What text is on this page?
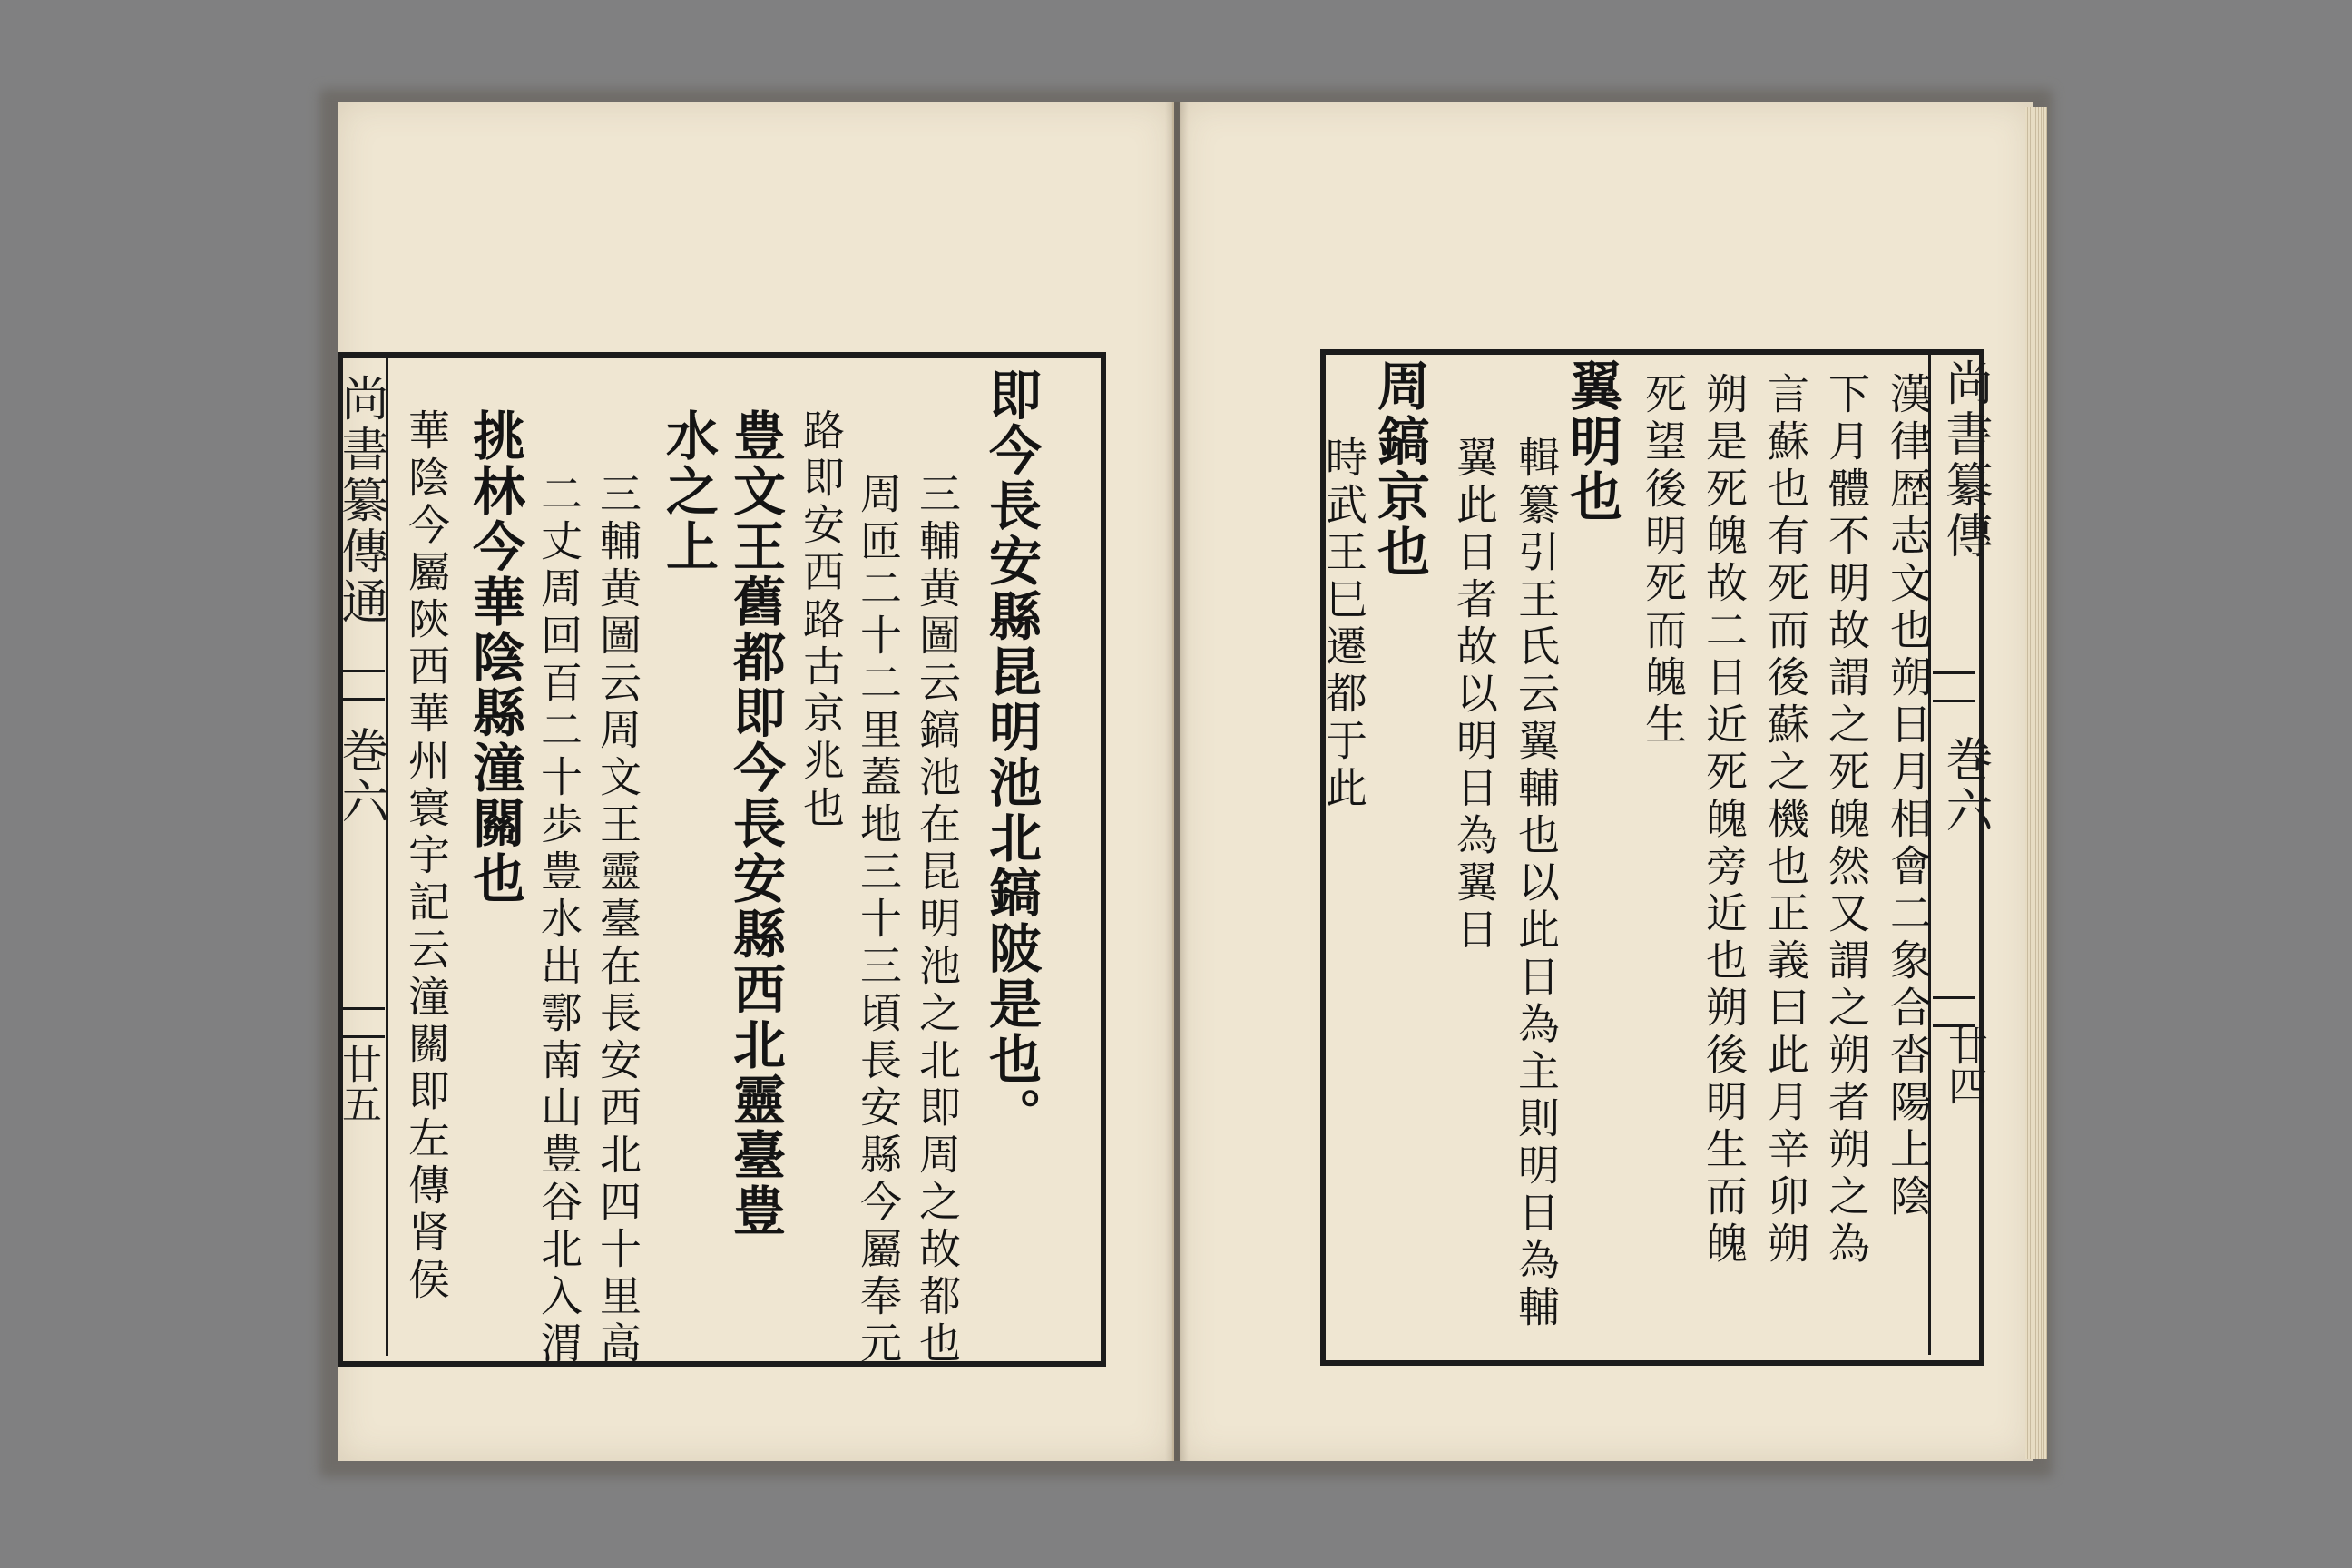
尚書纂傳通
巻六
廿五	即今長安縣昆明池北鎬陂是也。
三輔黄圖云鎬池在昆明池之北即周之故都也
周匝二十二里蓋地三十三頃長安縣今屬奉元
路即安西路古京兆也
豊文王舊都即今長安縣西北靈臺豊
水之上
三輔黄圖云周文王靈臺在長安西北四十里高
二丈周回百二十歩豊水出鄠南山豊谷北入渭
挑林今華陰縣潼關也
華陰今屬陝西華州寰宇記云潼關即左傳肾侯	尚書纂傳
巻六
廿四
漢律歴志文也朔日月相會二象合沓陽上陰
下月體不明故謂之死魄然又謂之朔者朔之為
言蘇也有死而後蘇之機也正義曰此月辛卯朔
朔是死魄故二日近死魄旁近也朔後明生而魄
死望後明死而魄生
翼明也
輯纂引王氏云翼輔也以此日為主則明日為輔
翼此日者故以明日為翼日
周鎬京也
時武王巳遷都于此
